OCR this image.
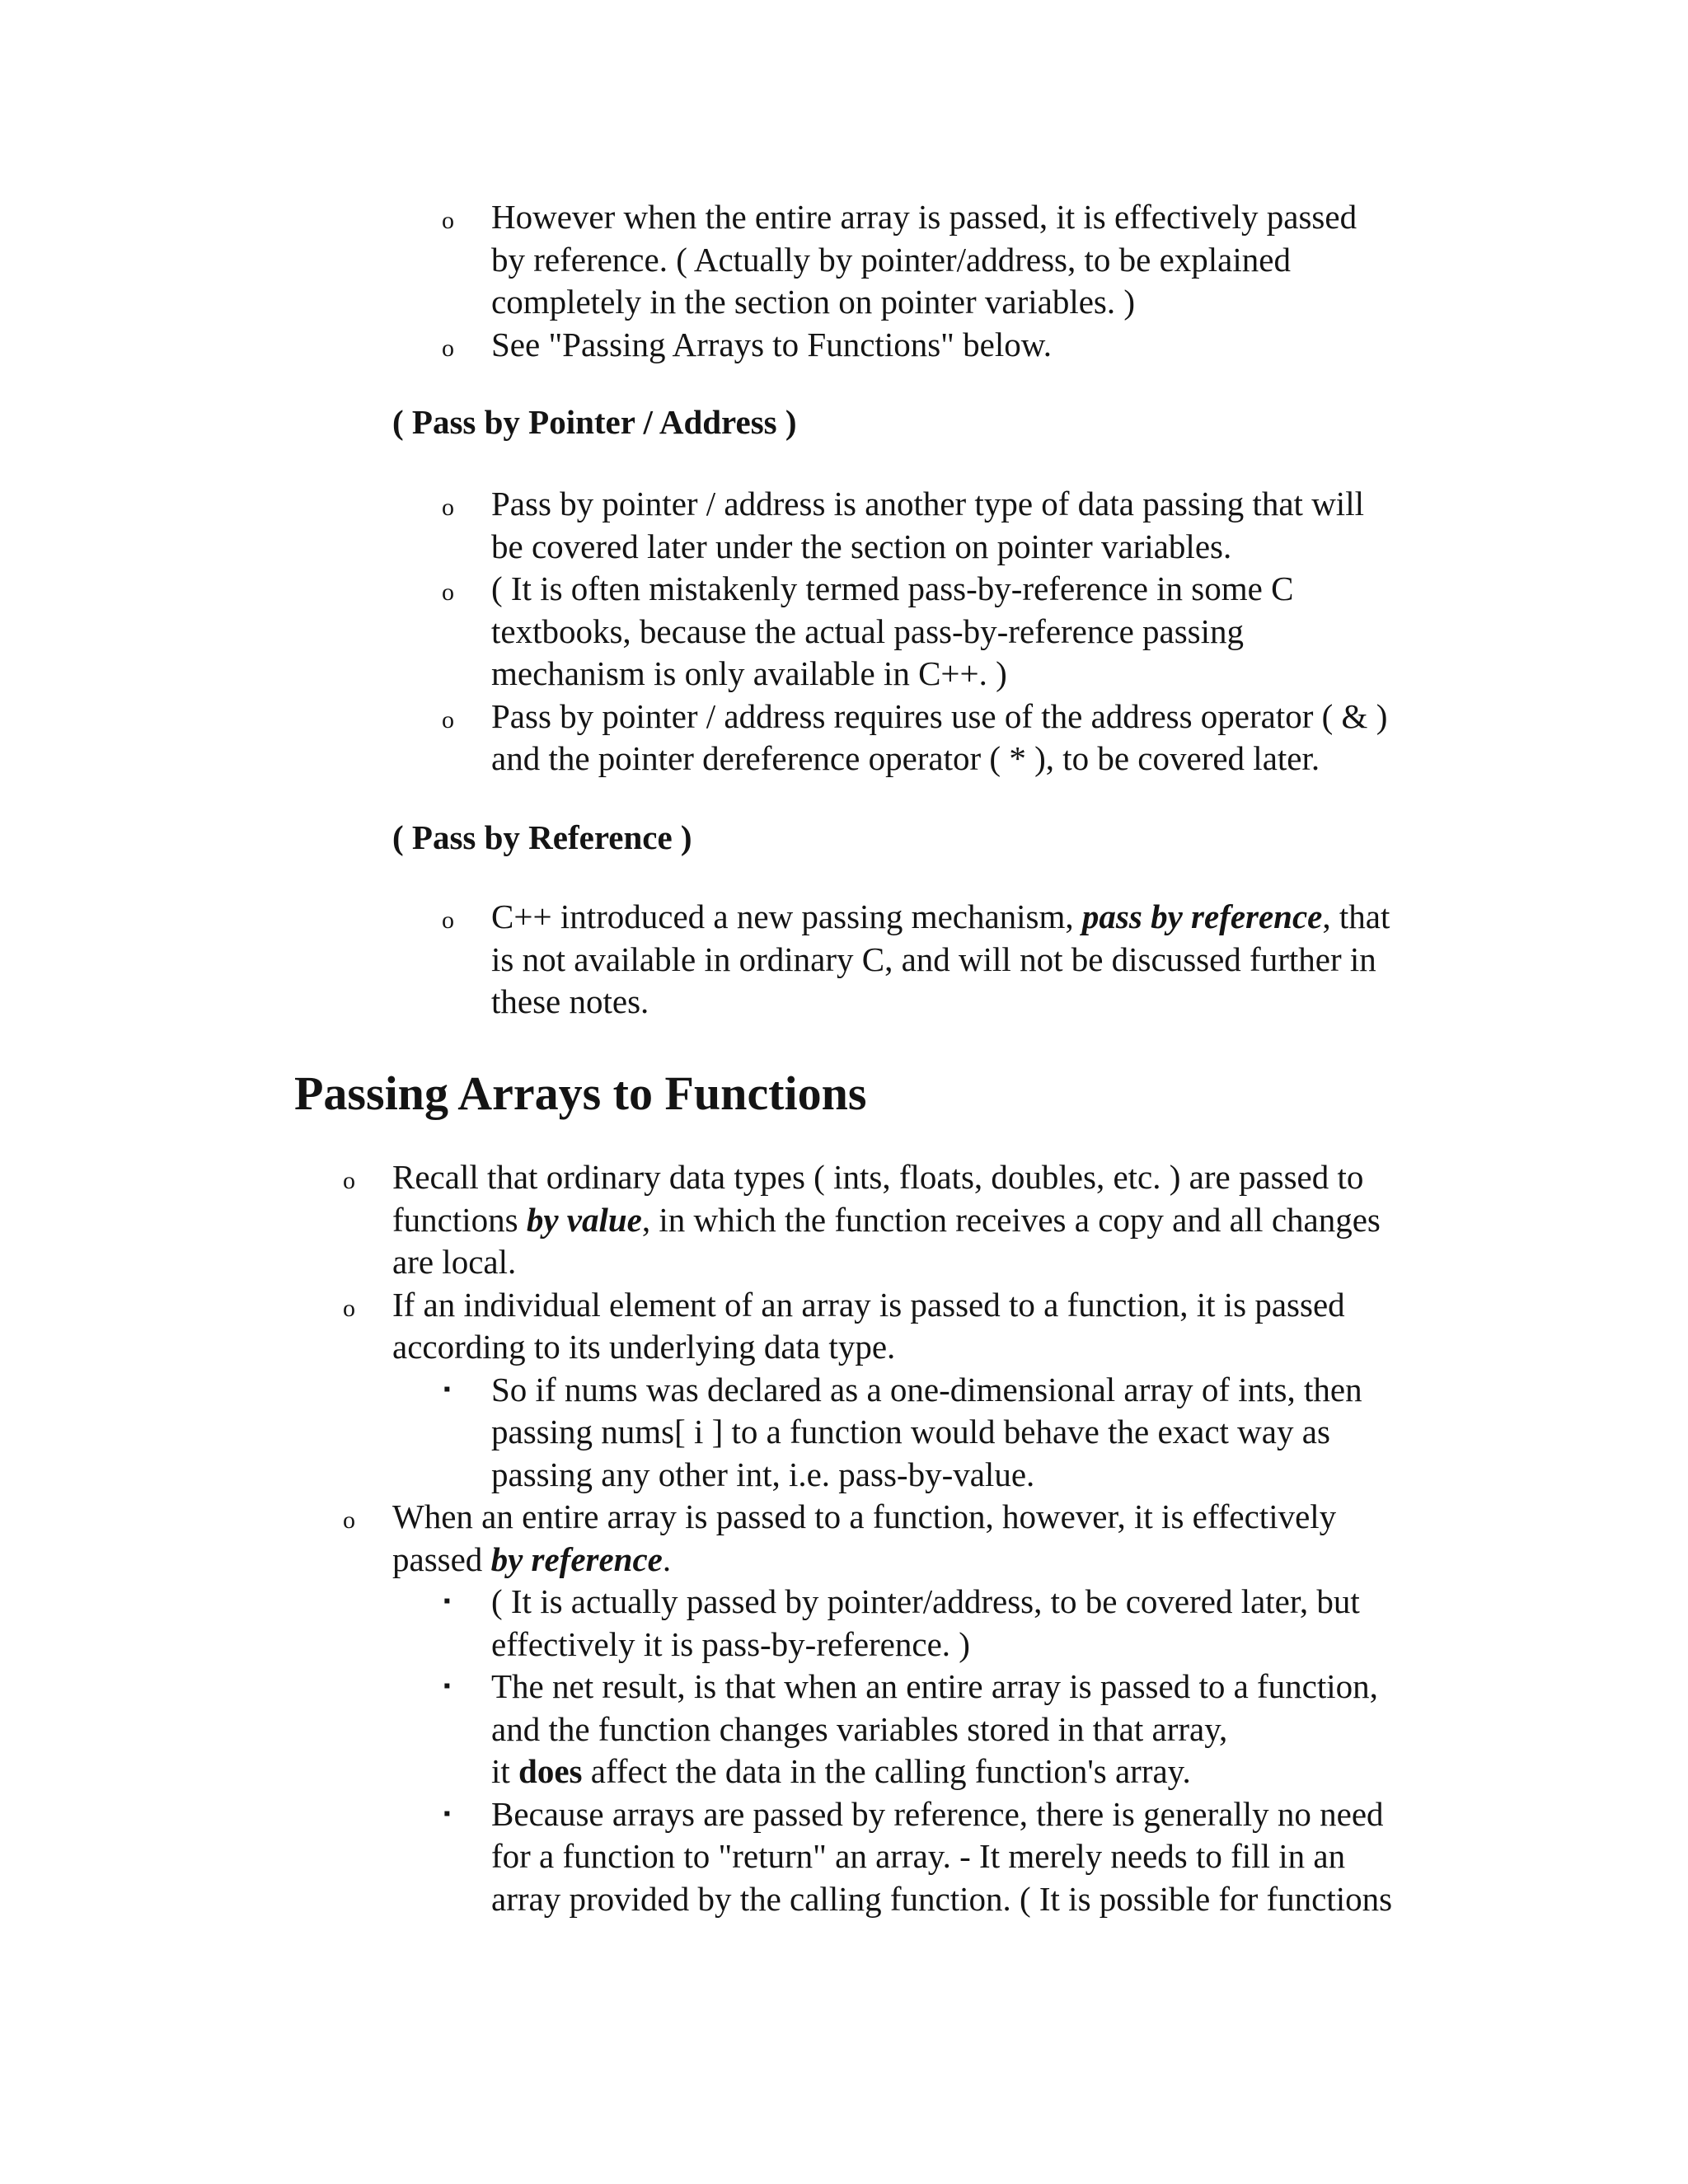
o However when the entire array is passed, it is effectively passed
by reference. ( Actually by pointer/address, to be explained
completely in the section on pointer variables. )
o See "Passing Arrays to Functions" below.
( Pass by Pointer / Address )
o Pass by pointer / address is another type of data passing that will
be covered later under the section on pointer variables.
o ( It is often mistakenly termed pass-by-reference in some C
textbooks, because the actual pass-by-reference passing
mechanism is only available in C++. )
o Pass by pointer / address requires use of the address operator ( & )
and the pointer dereference operator ( * ), to be covered later.
( Pass by Reference )
o C++ introduced a new passing mechanism, pass by reference, that
is not available in ordinary C, and will not be discussed further in
these notes.
Passing Arrays to Functions
o Recall that ordinary data types ( ints, floats, doubles, etc. ) are passed to
functions by value, in which the function receives a copy and all changes
are local.
o If an individual element of an array is passed to a function, it is passed
according to its underlying data type.
▪ So if nums was declared as a one-dimensional array of ints, then
passing nums[ i ] to a function would behave the exact way as
passing any other int, i.e. pass-by-value.
o When an entire array is passed to a function, however, it is effectively
passed by reference.
▪ ( It is actually passed by pointer/address, to be covered later, but
effectively it is pass-by-reference. )
▪ The net result, is that when an entire array is passed to a function,
and the function changes variables stored in that array,
it does affect the data in the calling function's array.
▪ Because arrays are passed by reference, there is generally no need
for a function to "return" an array. - It merely needs to fill in an
array provided by the calling function. ( It is possible for functions
